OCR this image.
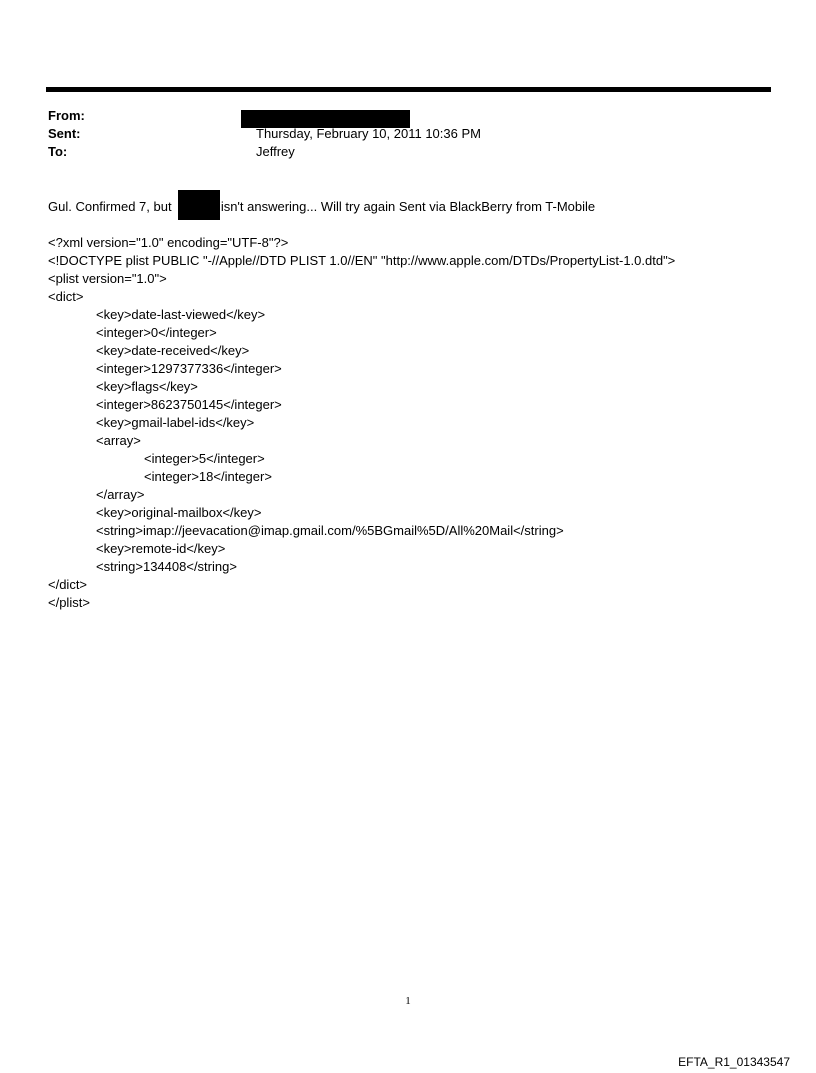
From:
Sent:	Thursday, February 10, 2011 10:36 PM
To:	Jeffrey
Gul. Confirmed 7, but	isn't answering... Will try again Sent via BlackBerry from T-Mobile
<?xml version="1.0" encoding="UTF-8"?>
<!DOCTYPE plist PUBLIC "-//Apple//DTD PLIST 1.0//EN" "http://www.apple.com/DTDs/PropertyList-1.0.dtd">
<plist version="1.0">
<dict>
<key>date-last-viewed</key>
<integer>0</integer>
<key>date-received</key>
<integer>1297377336</integer>
<key>flags</key>
<integer>8623750145</integer>
<key>gmail-label-ids</key>
<array>
<integer>5</integer>
<integer>18</integer>
</array>
<key>original-mailbox</key>
<string>imap://jeevacation@imap.gmail.com/%5BGmail%5D/All%20Mail</string>
<key>remote-id</key>
<string>134408</string>
</dict>
</plist>
1
EFTA_R1_01343547
